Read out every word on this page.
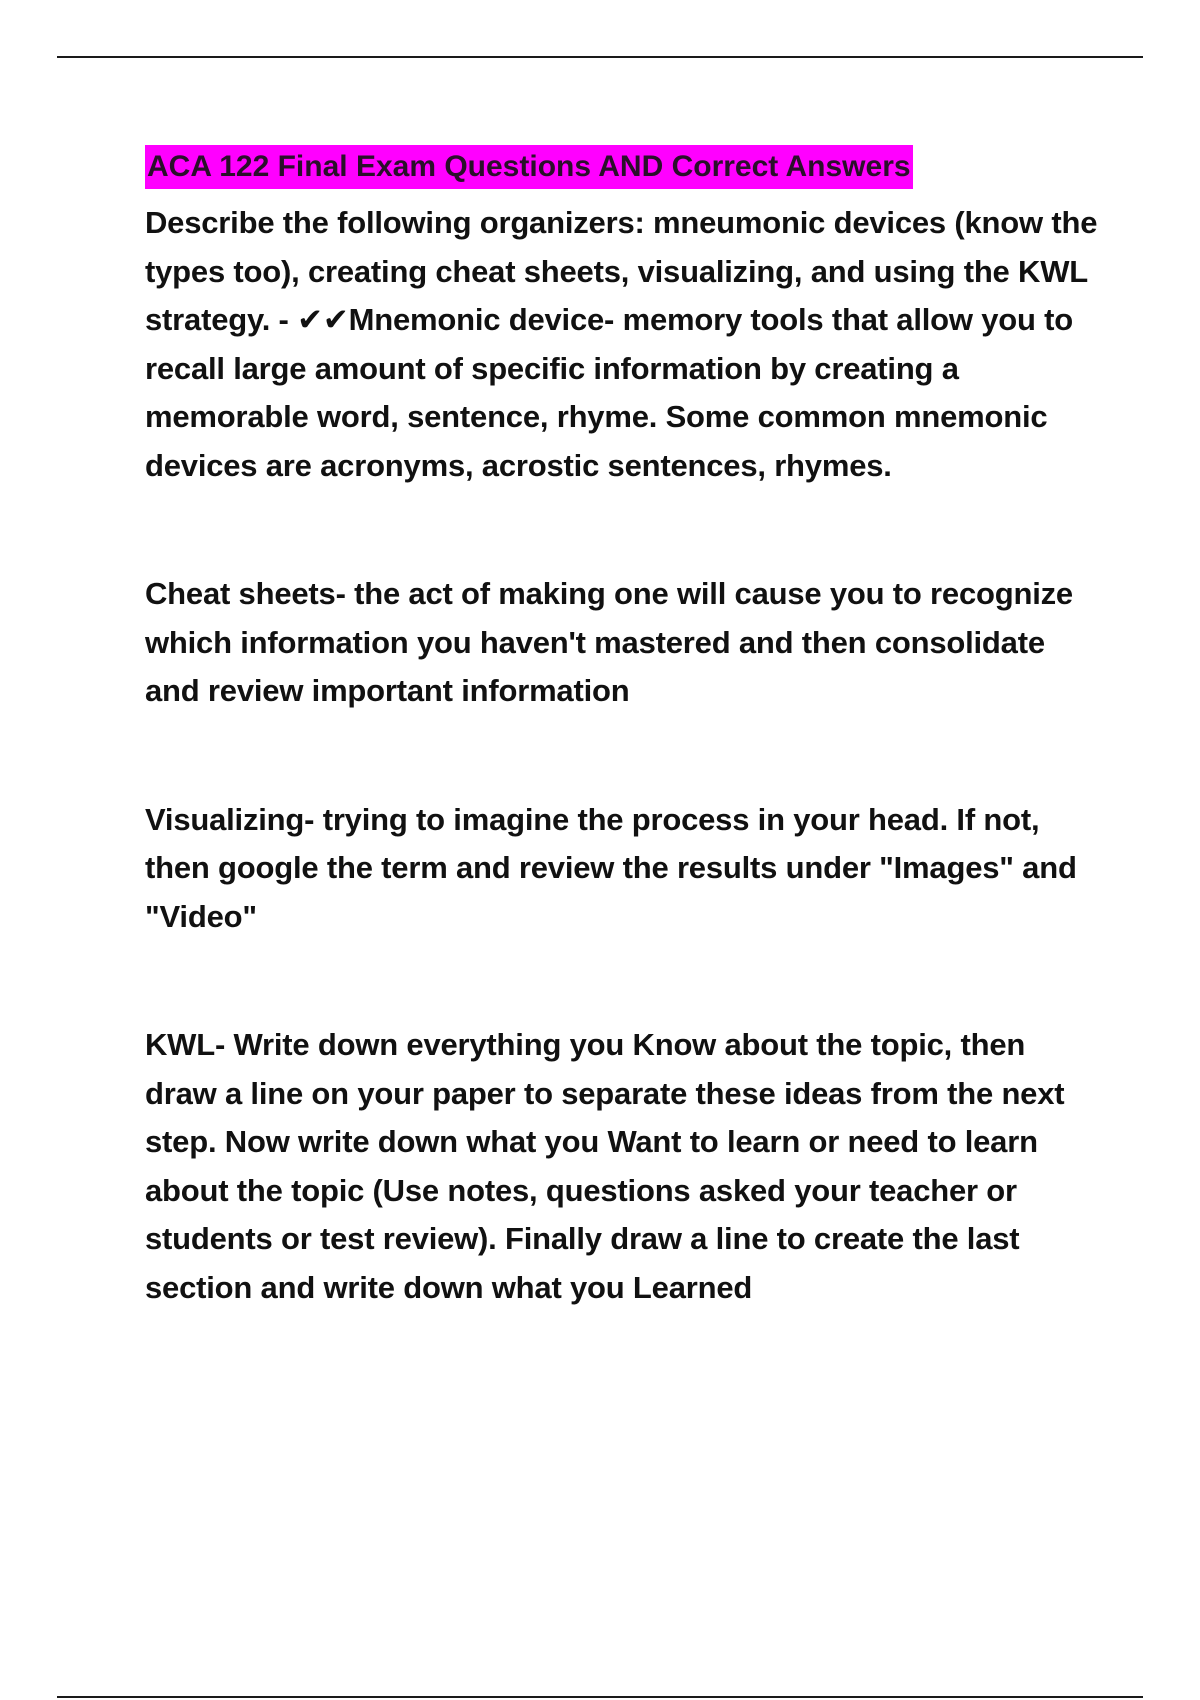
ACA 122 Final Exam Questions AND Correct Answers

Describe the following organizers: mneumonic devices (know the types too), creating cheat sheets, visualizing, and using the KWL strategy. - ✔✔Mnemonic device- memory tools that allow you to recall large amount of specific information by creating a memorable word, sentence, rhyme. Some common mnemonic devices are acronyms, acrostic sentences, rhymes.

Cheat sheets- the act of making one will cause you to recognize which information you haven't mastered and then consolidate and review important information

Visualizing- trying to imagine the process in your head. If not, then google the term and review the results under "Images" and "Video"

KWL- Write down everything you Know about the topic, then draw a line on your paper to separate these ideas from the next step. Now write down what you Want to learn or need to learn about the topic (Use notes, questions asked your teacher or students or test review). Finally draw a line to create the last section and write down what you Learned
